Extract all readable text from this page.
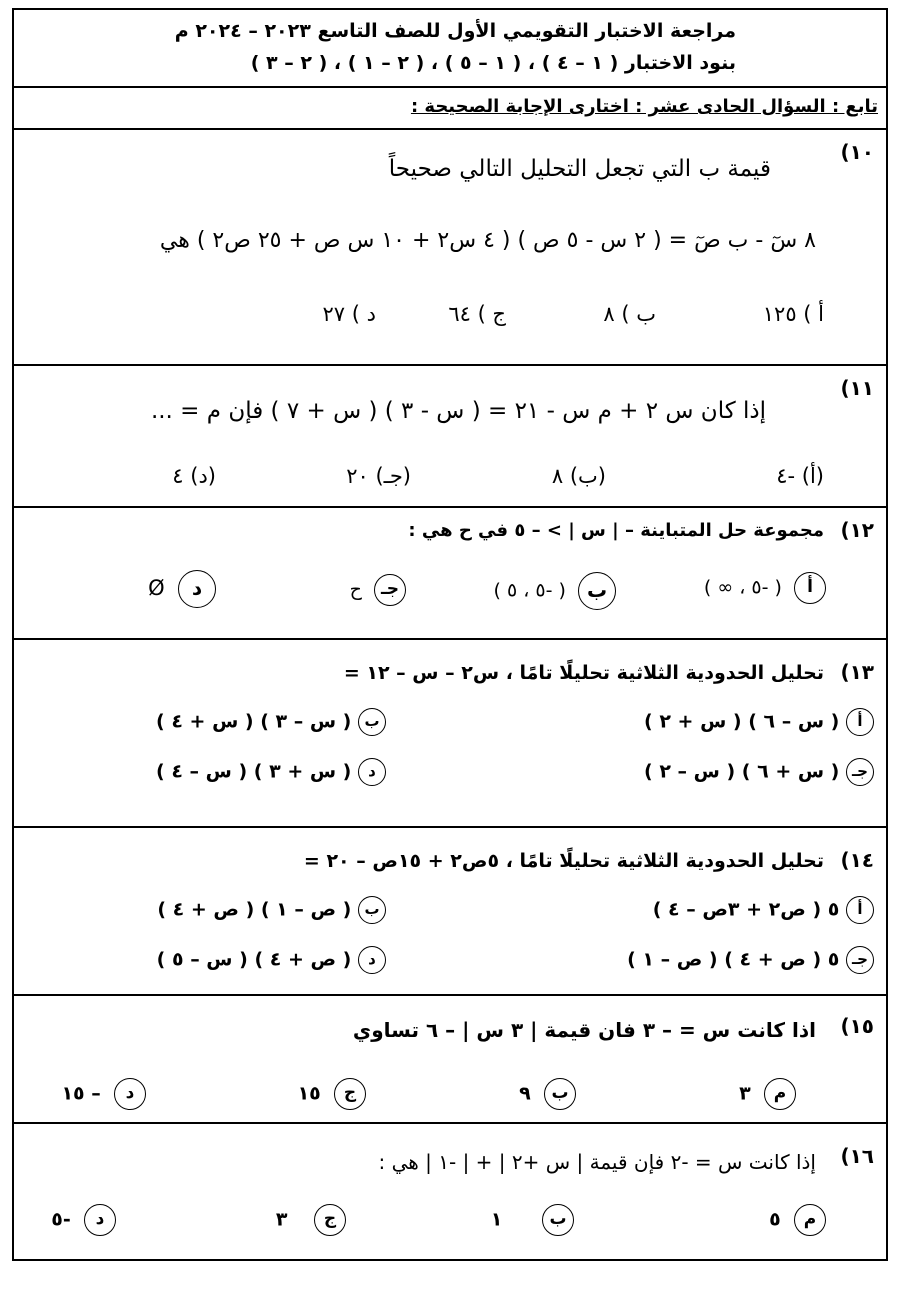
مراجعة الاختبار التقويمي الأول للصف التاسع ٢٠٢٣ – ٢٠٢٤ م
بنود الاختبار ( ١ – ٤ ) ، ( ١ – ٥ ) ، ( ٢ – ١ ) ، ( ٢ – ٣ )
تابع : السؤال الحادى عشر : اختارى الإجابة الصحيحة :
١٠)
قيمة ب التي تجعل التحليل التالي صحيحاً
٨ سٓ - ب صٓ = ( ٢ س - ٥ ص ) ( ٤ س٢ + ١٠ س ص + ٢٥ ص٢ ) هي
أ ) ١٢٥
ب ) ٨
ج ) ٦٤
د ) ٢٧
١١)
إذا كان س ٢ + م س - ٢١ = ( س - ٣ ) ( س + ٧ ) فإن م = ...
(أ) -٤
(ب) ٨
(جـ) ٢٠
(د) ٤
١٢)
مجموعة حل المتباينة – | س | > – ٥ في ح هي :
أ  ( -٥ ، ∞ )
ب  ( -٥ ، ٥ )
جـ  ح
د  Ø
١٣)
تحليل الحدودية الثلاثية تحليلًا تامًا ، س٢ – س – ١٢ =
أ ( س – ٦ ) ( س + ٢ )
ب ( س – ٣ ) ( س + ٤ )
جـ ( س + ٦ ) ( س – ٢ )
د ( س + ٣ ) ( س – ٤ )
١٤)
تحليل الحدودية الثلاثية تحليلًا تامًا ، ٥ص٢ + ١٥ص – ٢٠ =
أ ٥ ( ص٢ + ٣ص – ٤ )
ب ( ص – ١ ) ( ص + ٤ )
جـ ٥ ( ص + ٤ ) ( ص – ١ )
د ( ص + ٤ ) ( س – ٥ )
١٥)
اذا كانت س = – ٣ فان قيمة | ٣ س | – ٦ تساوي
م  ٣
ب  ٩
ج  ١٥
د  – ١٥
١٦)
إذا كانت س = -٢ فإن قيمة | س +٢ | + | -١ | هي :
م  ٥
ب      ١
ج    ٣
د  -٥
